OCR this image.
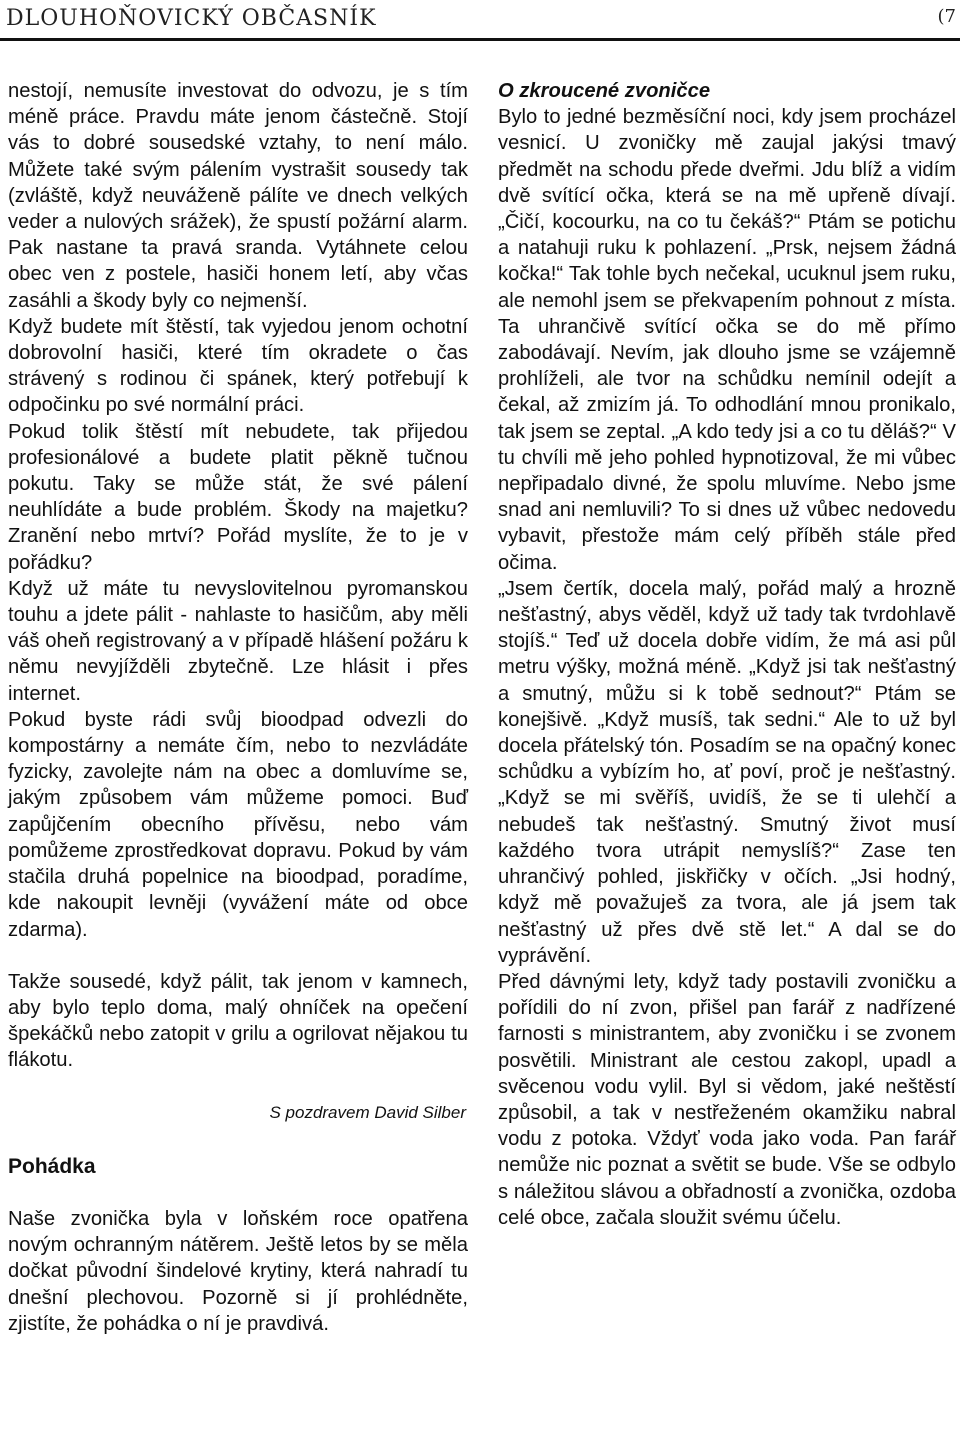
DLOUHOŇOVICKÝ OBČASNÍK	(7

nestojí, nemusíte investovat do odvozu, je s tím méně práce. Pravdu máte jenom částečně. Stojí vás to dobré sousedské vztahy, to není málo. Můžete také svým pálením vystrašit sousedy tak (zvláště, když neuváženě pálíte ve dnech velkých veder a nulových srážek), že spustí požární alarm. Pak nastane ta pravá sranda. Vytáhnete celou obec ven z postele, hasiči honem letí, aby včas zasáhli a škody byly co nejmenší.

Když budete mít štěstí, tak vyjedou jenom ochotní dobrovolní hasiči, které tím okradete o čas strávený s rodinou či spánek, který potřebují k odpočinku po své normální práci.

Pokud tolik štěstí mít nebudete, tak přijedou profesionálové a budete platit pěkně tučnou pokutu. Taky se může stát, že své pálení neuhlídáte a bude problém. Škody na majetku? Zranění nebo mrtví? Pořád myslíte, že to je v pořádku?

Když už máte tu nevyslovitelnou pyromanskou touhu a jdete pálit - nahlaste to hasičům, aby měli váš oheň registrovaný a v případě hlášení požáru k němu nevyjížděli zbytečně. Lze hlásit i přes internet.

Pokud byste rádi svůj bioodpad odvezli do kompostárny a nemáte čím, nebo to nezvládáte fyzicky, zavolejte nám na obec a domluvíme se, jakým způsobem vám můžeme pomoci. Buď zapůjčením obecního přívěsu, nebo vám pomůžeme zprostředkovat dopravu. Pokud by vám stačila druhá popelnice na bioodpad, poradíme, kde nakoupit levněji (vyvážení máte od obce zdarma).

Takže sousedé, když pálit, tak jenom v kamnech, aby bylo teplo doma, malý ohníček na opečení špekáčků nebo zatopit v grilu a ogrilovat nějakou tu flákotu.

S pozdravem David Silber
Pohádka

Naše zvonička byla v loňském roce opatřena novým ochranným nátěrem. Ještě letos by se měla dočkat původní šindelové krytiny, která nahradí tu dnešní plechovou. Pozorně si jí prohlédněte, zjistíte, že pohádka o ní je pravdivá.

O zkroucené zvoničce

Bylo to jedné bezměsíční noci, kdy jsem procházel vesnicí. U zvoničky mě zaujal jakýsi tmavý předmět na schodu přede dveřmi. Jdu blíž a vidím dvě svítící očka, která se na mě upřeně dívají. „Čičí, kocourku, na co tu čekáš?“ Ptám se potichu a natahuji ruku k pohlazení. „Prsk, nejsem žádná kočka!“ Tak tohle bych nečekal, ucuknul jsem ruku, ale nemohl jsem se překvapením pohnout z místa. Ta uhrančivě svítící očka se do mě přímo zabodávají. Nevím, jak dlouho jsme se vzájemně prohlíželi, ale tvor na schůdku nemínil odejít a čekal, až zmizím já. To odhodlání mnou pronikalo, tak jsem se zeptal. „A kdo tedy jsi a co tu děláš?“ V tu chvíli mě jeho pohled hypnotizoval, že mi vůbec nepřipadalo divné, že spolu mluvíme. Nebo jsme snad ani nemluvili? To si dnes už vůbec nedovedu vybavit, přestože mám celý příběh stále před očima.

„Jsem čertík, docela malý, pořád malý a hrozně nešťastný, abys věděl, když už tady tak tvrdohlavě stojíš.“ Teď už docela dobře vidím, že má asi půl metru výšky, možná méně. „Když jsi tak nešťastný a smutný, můžu si k tobě sednout?“ Ptám se konejšivě. „Když musíš, tak sedni.“ Ale to už byl docela přátelský tón. Posadím se na opačný konec schůdku a vybízím ho, ať poví, proč je nešťastný. „Když se mi svěříš, uvidíš, že se ti ulehčí a nebudeš tak nešťastný. Smutný život musí každého tvora utrápit nemyslíš?“ Zase ten uhrančivý pohled, jiskřičky v očích. „Jsi hodný, když mě považuješ za tvora, ale já jsem tak nešťastný už přes dvě stě let.“ A dal se do vyprávění.

Před dávnými lety, když tady postavili zvoničku a pořídili do ní zvon, přišel pan farář z nadřízené farnosti s ministrantem, aby zvoničku i se zvonem posvětili. Ministrant ale cestou zakopl, upadl a svěcenou vodu vylil. Byl si vědom, jaké neštěstí způsobil, a tak v nestřeženém okamžiku nabral vodu z potoka. Vždyť voda jako voda. Pan farář nemůže nic poznat a světit se bude. Vše se odbylo s náležitou slávou a obřadností a zvonička, ozdoba celé obce, začala sloužit svému účelu.
